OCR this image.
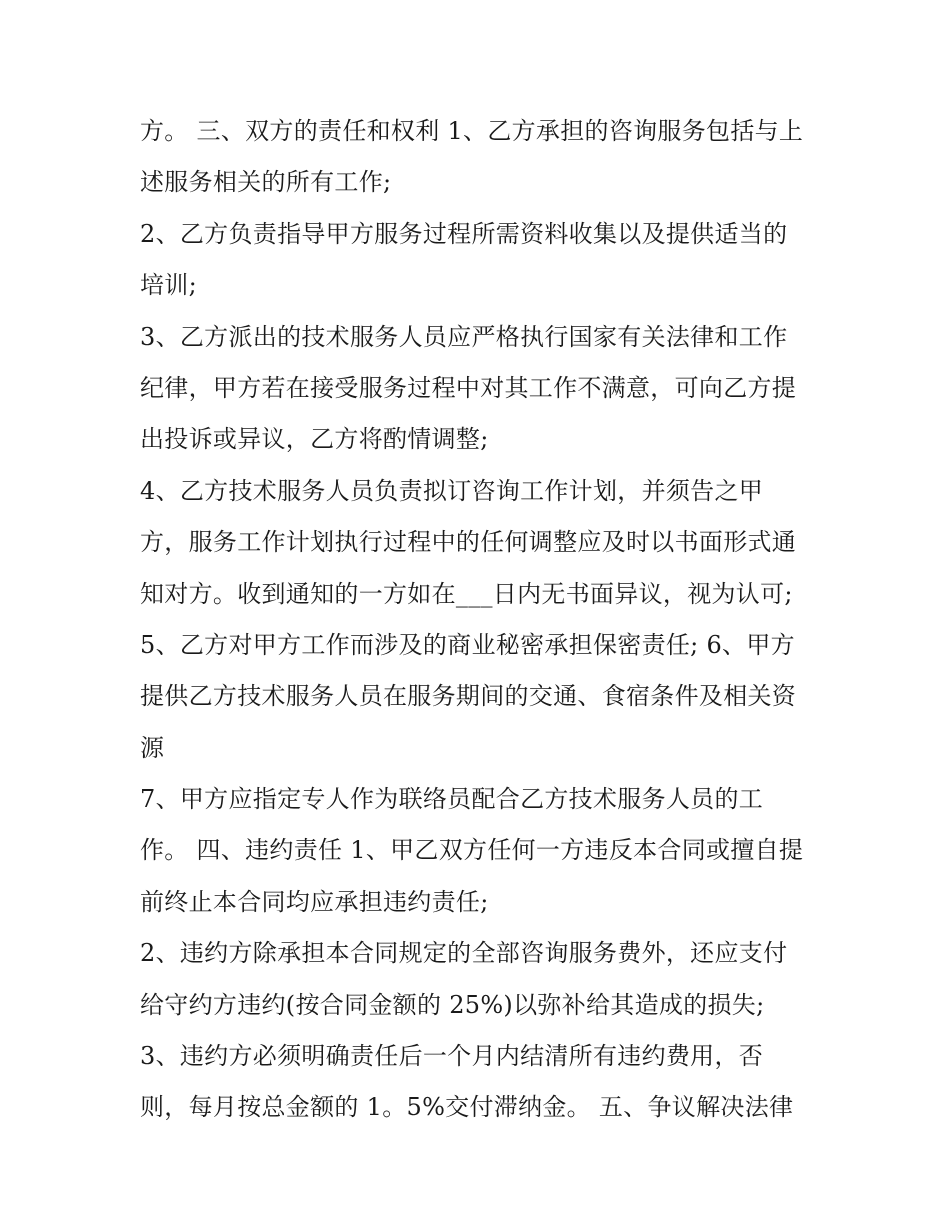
方。 三、双方的责任和权利 1、乙方承担的咨询服务包括与上
述服务相关的所有工作;
2、乙方负责指导甲方服务过程所需资料收集以及提供适当的
培训;
3、乙方派出的技术服务人员应严格执行国家有关法律和工作
纪律，甲方若在接受服务过程中对其工作不满意，可向乙方提
出投诉或异议，乙方将酌情调整;
4、乙方技术服务人员负责拟订咨询工作计划，并须告之甲
方，服务工作计划执行过程中的任何调整应及时以书面形式通
知对方。收到通知的一方如在___日内无书面异议，视为认可;
5、乙方对甲方工作而涉及的商业秘密承担保密责任; 6、甲方
提供乙方技术服务人员在服务期间的交通、食宿条件及相关资
源
7、甲方应指定专人作为联络员配合乙方技术服务人员的工
作。 四、违约责任 1、甲乙双方任何一方违反本合同或擅自提
前终止本合同均应承担违约责任;
2、违约方除承担本合同规定的全部咨询服务费外，还应支付
给守约方违约(按合同金额的 25%)以弥补给其造成的损失;
3、违约方必须明确责任后一个月内结清所有违约费用，否
则，每月按总金额的 1。5%交付滞纳金。 五、争议解决法律
